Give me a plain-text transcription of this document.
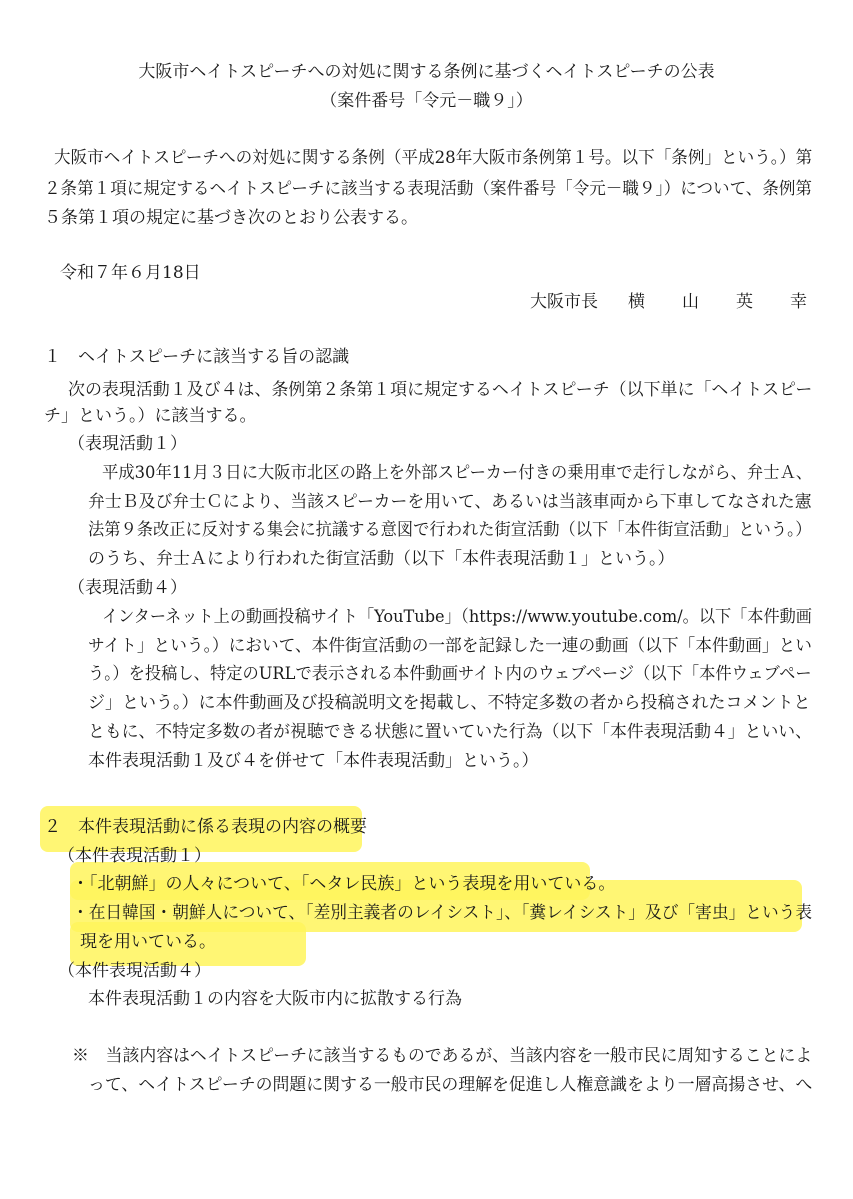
大阪市ヘイトスピーチへの対処に関する条例に基づくヘイトスピーチの公表
（案件番号「令元－職９」）
大阪市ヘイトスピーチへの対処に関する条例（平成28年大阪市条例第１号。以下「条例」という。）第
２条第１項に規定するヘイトスピーチに該当する表現活動（案件番号「令元－職９」）について、条例第
５条第１項の規定に基づき次のとおり公表する。
令和７年６月18日
大阪市長 横 山 英 幸
１　ヘイトスピーチに該当する旨の認識
次の表現活動１及び４は、条例第２条第１項に規定するヘイトスピーチ（以下単に「ヘイトスピー
チ」という。）に該当する。
（表現活動１）
平成30年11月３日に大阪市北区の路上を外部スピーカー付きの乗用車で走行しながら、弁士Ａ、
弁士Ｂ及び弁士Ｃにより、当該スピーカーを用いて、あるいは当該車両から下車してなされた憲
法第９条改正に反対する集会に抗議する意図で行われた街宣活動（以下「本件街宣活動」という。）
のうち、弁士Ａにより行われた街宣活動（以下「本件表現活動１」という。）
（表現活動４）
インターネット上の動画投稿サイト「YouTube」（https://www.youtube.com/。以下「本件動画
サイト」という。）において、本件街宣活動の一部を記録した一連の動画（以下「本件動画」とい
う。）を投稿し、特定のURLで表示される本件動画サイト内のウェブページ（以下「本件ウェブペー
ジ」という。）に本件動画及び投稿説明文を掲載し、不特定多数の者から投稿されたコメントと
ともに、不特定多数の者が視聴できる状態に置いていた行為（以下「本件表現活動４」といい、
本件表現活動１及び４を併せて「本件表現活動」という。）
２　本件表現活動に係る表現の内容の概要
（本件表現活動１）
・「北朝鮮」の人々について、「ヘタレ民族」という表現を用いている。
・在日韓国・朝鮮人について、「差別主義者のレイシスト」、「糞レイシスト」及び「害虫」という表
現を用いている。
（本件表現活動４）
本件表現活動１の内容を大阪市内に拡散する行為
※　当該内容はヘイトスピーチに該当するものであるが、当該内容を一般市民に周知することによ
って、ヘイトスピーチの問題に関する一般市民の理解を促進し人権意識をより一層高揚させ、へ
